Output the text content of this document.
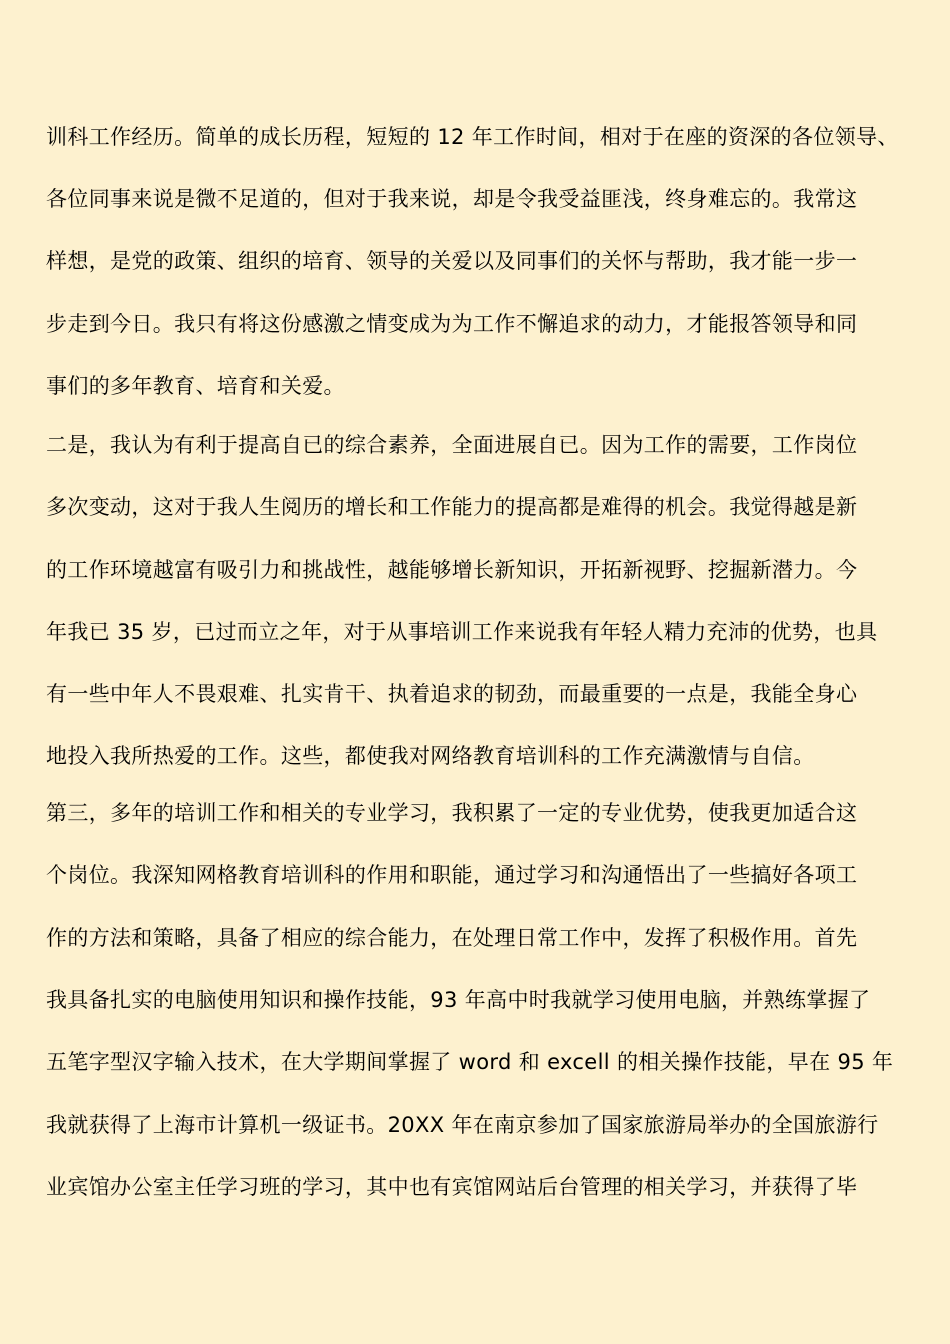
训科工作经历。简单的成长历程，短短的 12 年工作时间，相对于在座的资深的各位领导、
各位同事来说是微不足道的，但对于我来说，却是令我受益匪浅，终身难忘的。我常这
样想，是党的政策、组织的培育、领导的关爱以及同事们的关怀与帮助，我才能一步一
步走到今日。我只有将这份感激之情变成为为工作不懈追求的动力，才能报答领导和同
事们的多年教育、培育和关爱。
二是，我认为有利于提高自已的综合素养，全面进展自已。因为工作的需要，工作岗位
多次变动，这对于我人生阅历的增长和工作能力的提高都是难得的机会。我觉得越是新
的工作环境越富有吸引力和挑战性，越能够增长新知识，开拓新视野、挖掘新潜力。今
年我已 35 岁，已过而立之年，对于从事培训工作来说我有年轻人精力充沛的优势，也具
有一些中年人不畏艰难、扎实肯干、执着追求的韧劲，而最重要的一点是，我能全身心
地投入我所热爱的工作。这些，都使我对网络教育培训科的工作充满激情与自信。
第三，多年的培训工作和相关的专业学习，我积累了一定的专业优势，使我更加适合这
个岗位。我深知网格教育培训科的作用和职能，通过学习和沟通悟出了一些搞好各项工
作的方法和策略，具备了相应的综合能力，在处理日常工作中，发挥了积极作用。首先
我具备扎实的电脑使用知识和操作技能，93 年高中时我就学习使用电脑，并熟练掌握了
五笔字型汉字输入技术，在大学期间掌握了 word 和 excell 的相关操作技能，早在 95 年
我就获得了上海市计算机一级证书。20XX 年在南京参加了国家旅游局举办的全国旅游行
业宾馆办公室主任学习班的学习，其中也有宾馆网站后台管理的相关学习，并获得了毕
